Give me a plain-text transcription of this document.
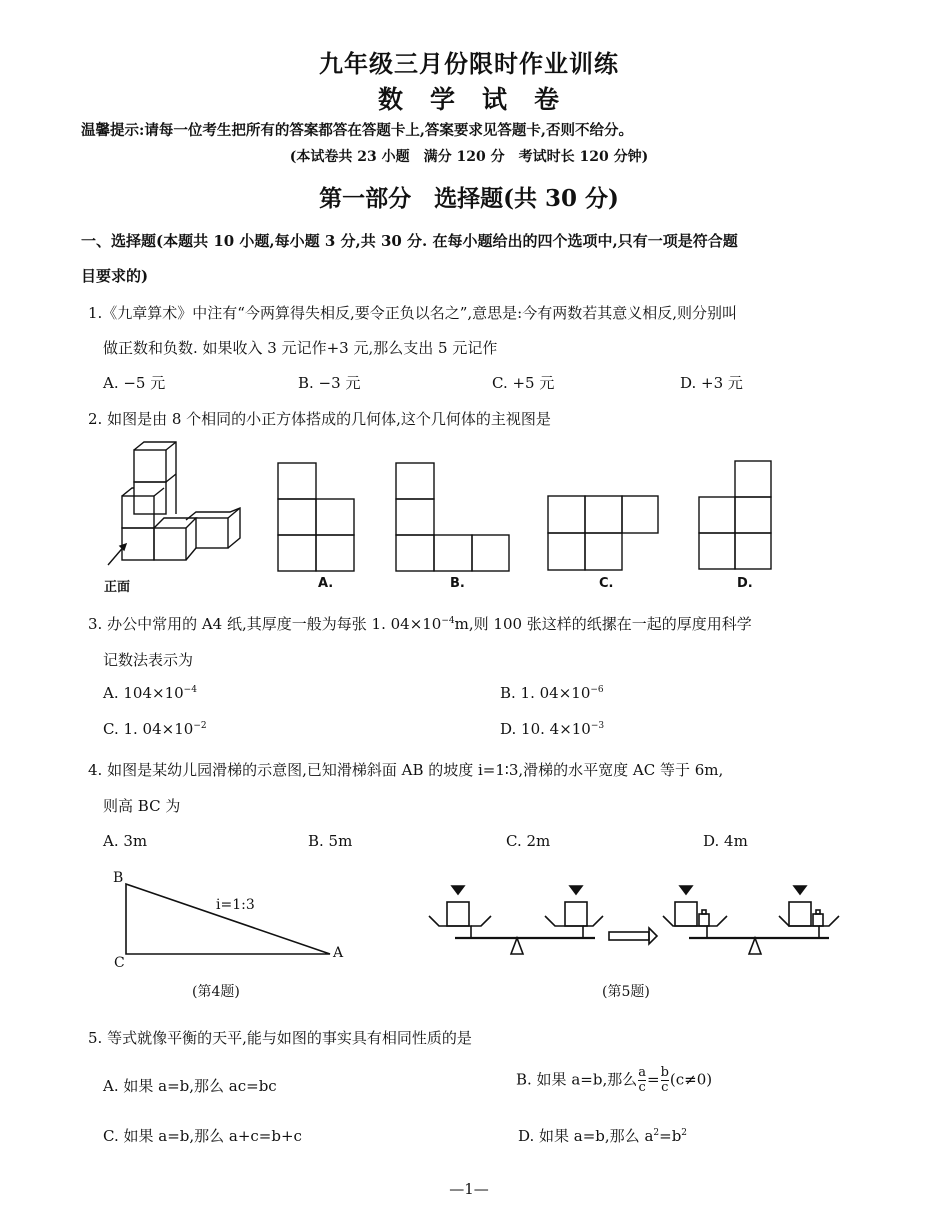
九年级三月份限时作业训练
数　学　试　卷
温馨提示:请每一位考生把所有的答案都答在答题卡上,答案要求见答题卡,否则不给分。
(本试卷共 23 小题　满分 120 分　考试时长 120 分钟)
第一部分　选择题(共 30 分)
一、选择题(本题共 10 小题,每小题 3 分,共 30 分. 在每小题给出的四个选项中,只有一项是符合题
目要求的)
1.《九章算术》中注有“今两算得失相反,要令正负以名之”,意思是:今有两数若其意义相反,则分别叫
做正数和负数. 如果收入 3 元记作+3 元,那么支出 5 元记作
A. −5 元	B. −3 元	C. +5 元	D. +3 元
2. 如图是由 8 个相同的小正方体搭成的几何体,这个几何体的主视图是
正面	A.	B.	C.	D.
3. 办公中常用的 A4 纸,其厚度一般为每张 1. $04\times 10^{-4}m$,则 100 张这样的纸摞在一起的厚度用科学
记数法表示为
A. $104\times 10^{-4}$	B. 1. $04\times 10^{-6}$
C. 1. $04\times 10^{-2}$	D. 10. $4\times 10^{-3}$
4. 如图是某幼儿园滑梯的示意图,已知滑梯斜面 AB 的坡度 i=1∶3,滑梯的水平宽度 AC 等于 6m,
则高 BC 为
A. 3m	B. 5m	C. 2m	D. 4m
B
C
A
i=1:3
(第4题)	(第5题)
5. 等式就像平衡的天平,能与如图的事实具有相同性质的是
A. 如果 a=b,那么 ac=bc	B. 如果 a=b,那么 $\frac{a}{c} = \frac{b}{c} (c\ne 0)$
C. 如果 a=b,那么 a+c=b+c	D. 如果 a=b,那么 $a^2=b^2$
—1—
